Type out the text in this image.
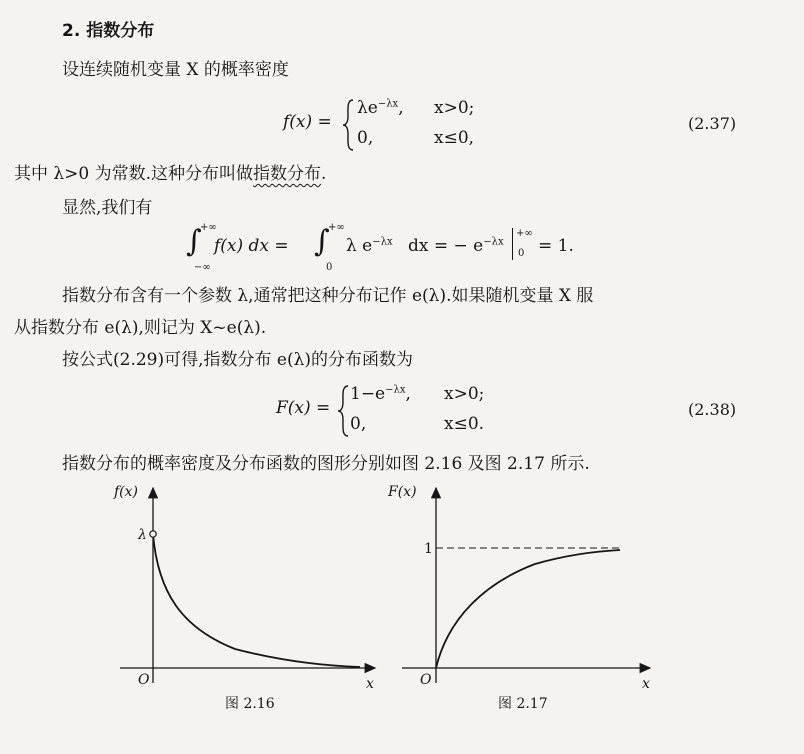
2. 指数分布
设连续随机变量 X 的概率密度
f(x) =
$\lambda e^{-\lambda x}$, x>0;
0,	x≤0,
(2.37)
其中 λ>0 为常数.这种分布叫做指数分布.
显然,我们有
∫
+∞
−∞
f(x) dx = ∫
+∞
0
λ $e^{-\lambda x}$ dx = − $e^{-\lambda x}$
+∞
0 = 1.
指数分布含有一个参数 λ,通常把这种分布记作 e(λ).如果随机变量 X 服
从指数分布 e(λ),则记为 X~e(λ).
按公式(2.29)可得,指数分布 e(λ)的分布函数为
F(x) =
$1-e^{-\lambda x}$, x>0;
0,	x≤0.
(2.38)
指数分布的概率密度及分布函数的图形分别如图 2.16 及图 2.17 所示.
f(x)
λ
O	x
图 2.16
F(x)
1
O	x
图 2.17
